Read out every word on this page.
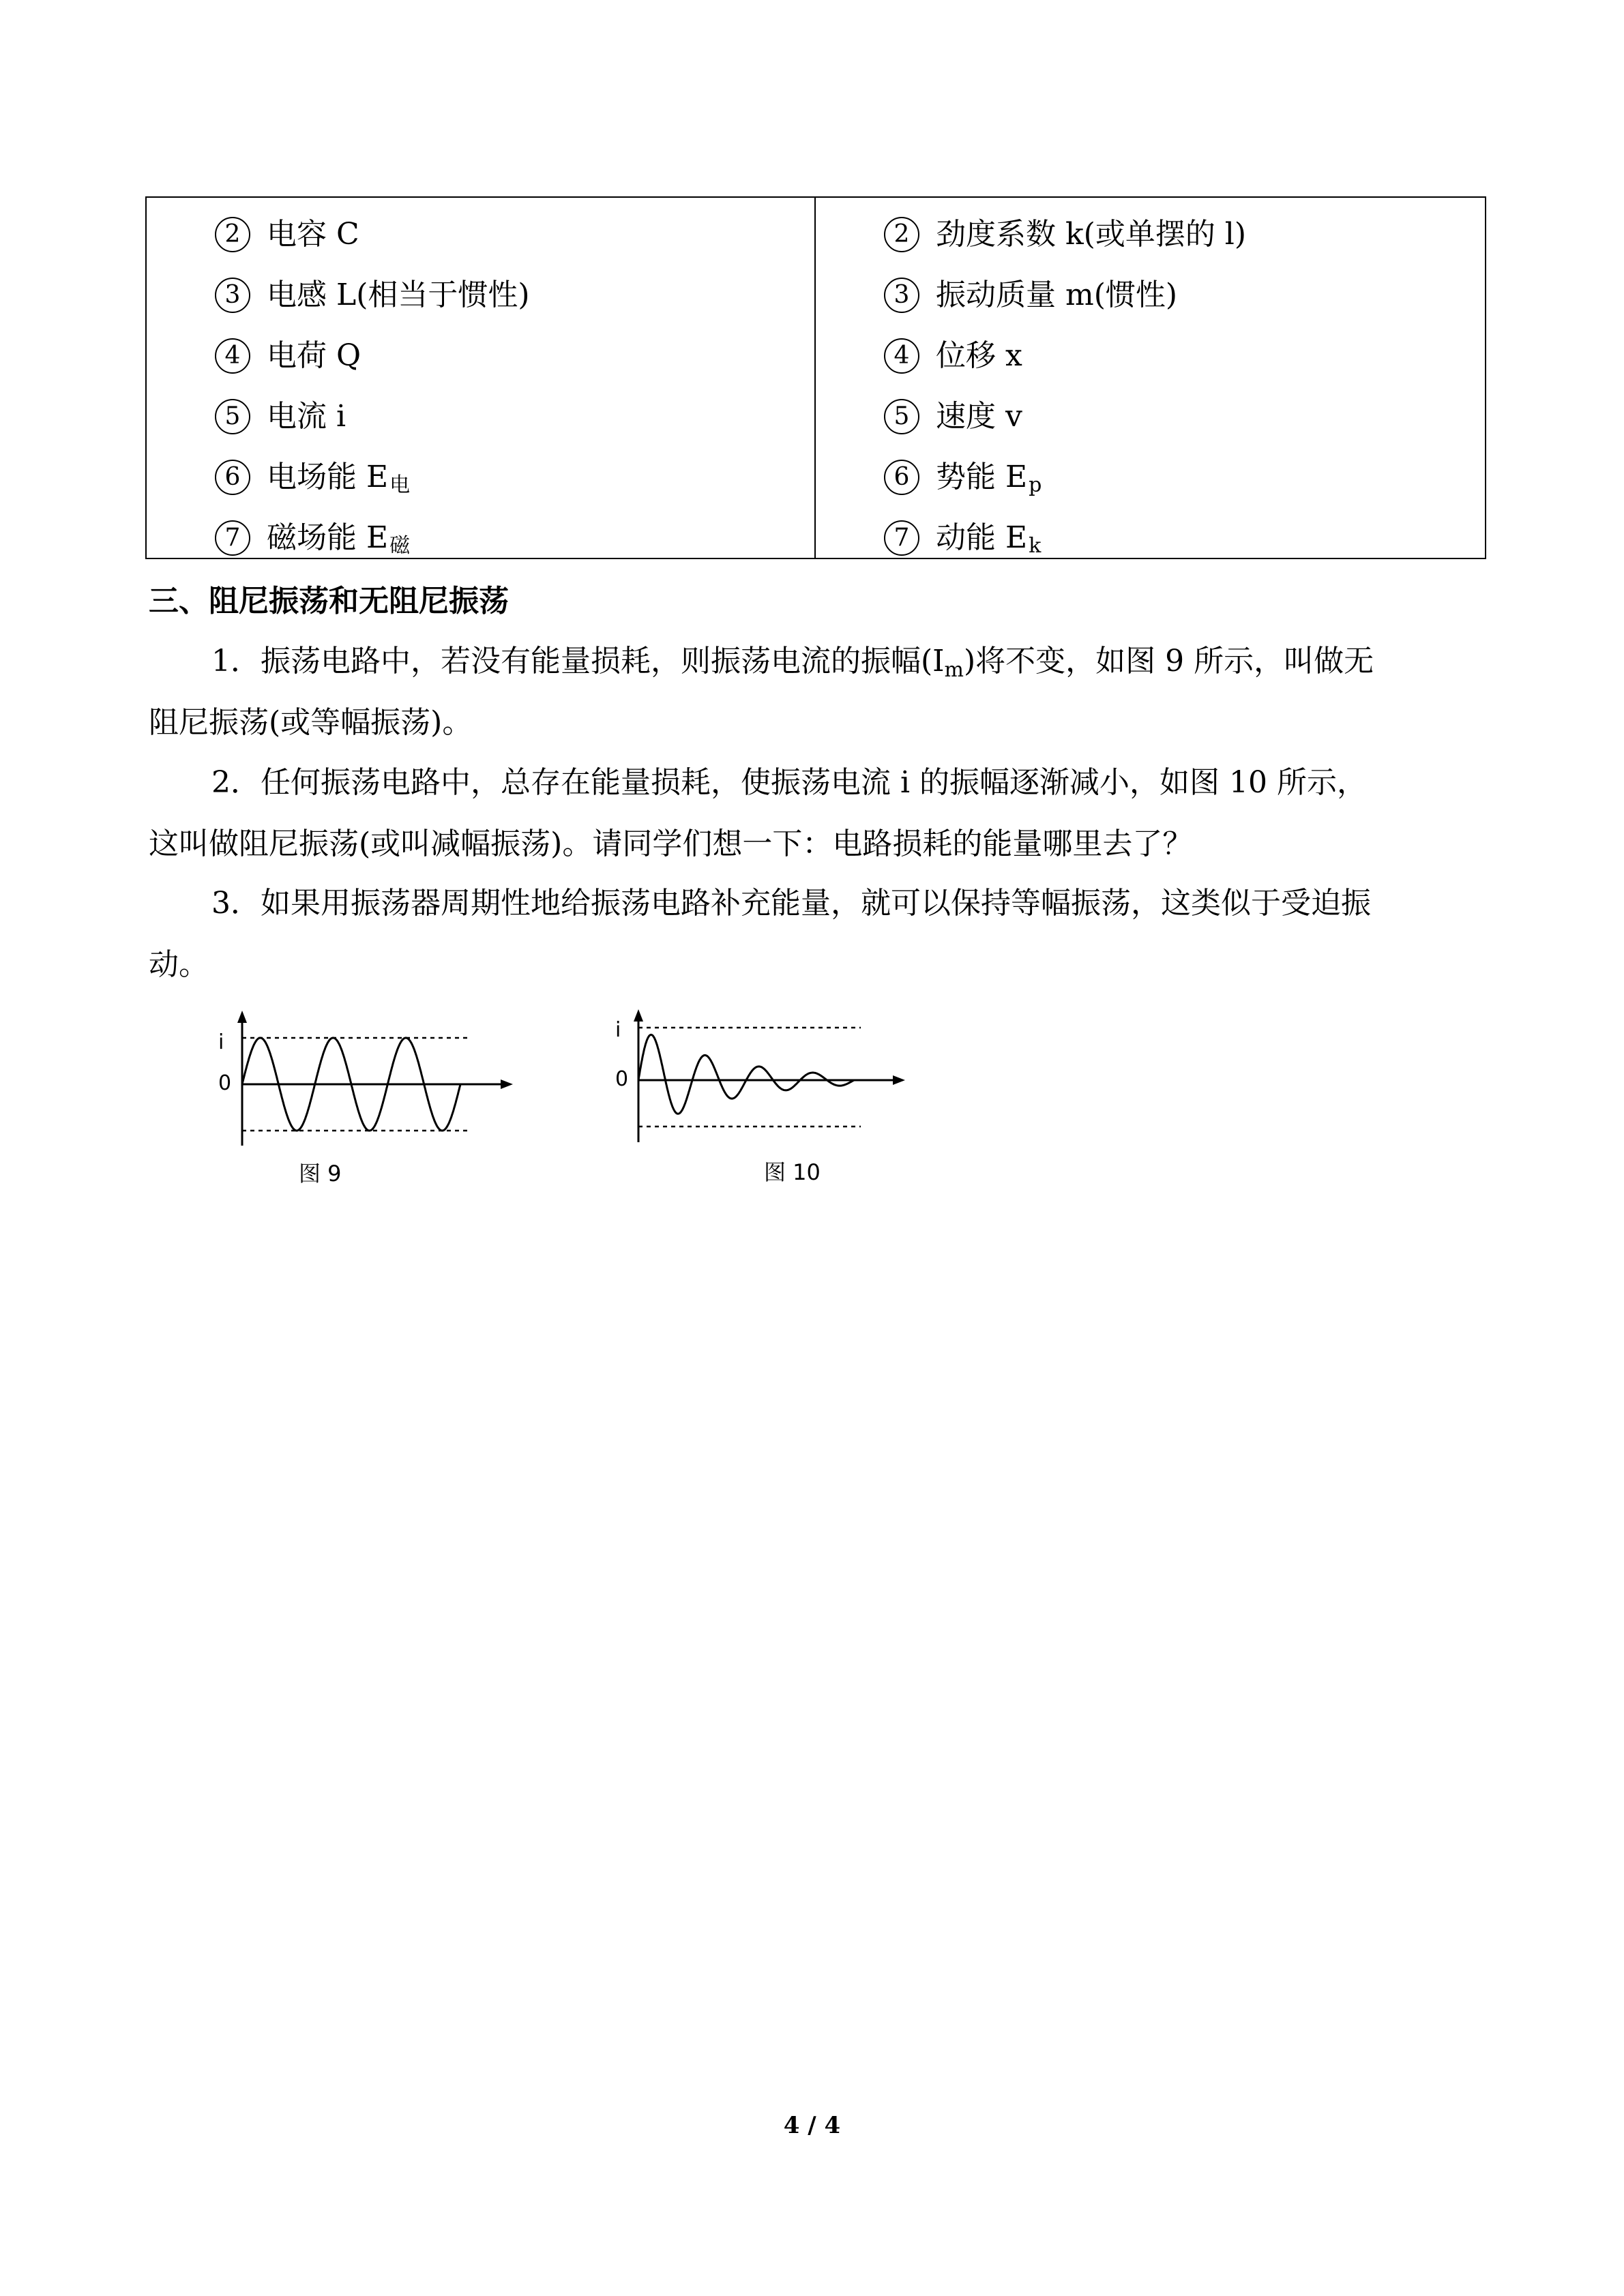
2 电容 C
3 电感 L(相当于惯性)
4 电荷 Q
5 电流 i
6 电场能 E 电
7 磁场能 E 磁
2 劲度系数 k(或单摆的 l)
3 振动质量 m(惯性)
4 位移 x
5 速度 v
6 势能 E p
7 动能 E k
三、阻尼振荡和无阻尼振荡
1．振荡电路中，若没有能量损耗，则振荡电流的振幅$(I_m)$将不变，如图 9 所示，叫做无
阻尼振荡(或等幅振荡)。
2．任何振荡电路中，总存在能量损耗，使振荡电流 i 的振幅逐渐减小，如图 10 所示，
这叫做阻尼振荡(或叫减幅振荡)。请同学们想一下：电路损耗的能量哪里去了？
3．如果用振荡器周期性地给振荡电路补充能量，就可以保持等幅振荡，这类似于受迫振
动。
i
0
图 9
i
0
图 10
4 / 4
